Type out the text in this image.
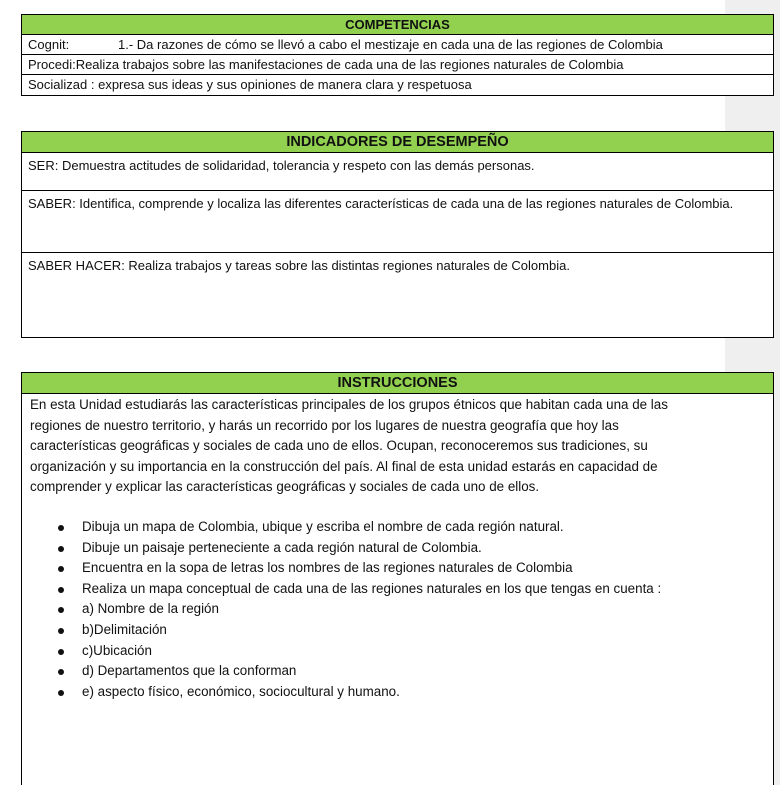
COMPETENCIAS
Cognit:	1.- Da razones de cómo se llevó a cabo el mestizaje en cada una de las regiones de Colombia
Procedi:Realiza trabajos sobre las manifestaciones de cada una de las regiones naturales de Colombia
Socializad : expresa sus ideas y sus opiniones de manera clara y respetuosa
INDICADORES DE DESEMPEÑO
SER: Demuestra actitudes de solidaridad, tolerancia y respeto con las demás personas.
SABER: Identifica, comprende y localiza las diferentes características de cada una de las regiones naturales de Colombia.
SABER HACER: Realiza trabajos y tareas sobre las distintas regiones naturales de Colombia.
INSTRUCCIONES
En esta Unidad estudiarás las características principales de los grupos étnicos que habitan cada una de las
regiones de nuestro territorio, y harás un recorrido por los lugares de nuestra geografía que hoy las
características geográficas y sociales de cada uno de ellos. Ocupan, reconoceremos sus tradiciones, su
organización y su importancia en la construcción del país. Al final de esta unidad estarás en capacidad de
comprender y explicar las características geográficas y sociales de cada uno de ellos.
Dibuja un mapa de Colombia, ubique y escriba el nombre de cada región natural.
Dibuje un paisaje perteneciente a cada región natural de Colombia.
Encuentra en la sopa de letras los nombres de las regiones naturales de Colombia
Realiza un mapa conceptual de cada una de las regiones naturales en los que tengas en cuenta :
a) Nombre de la región
b)Delimitación
c)Ubicación
d) Departamentos que la conforman
e) aspecto físico, económico, sociocultural y humano.
